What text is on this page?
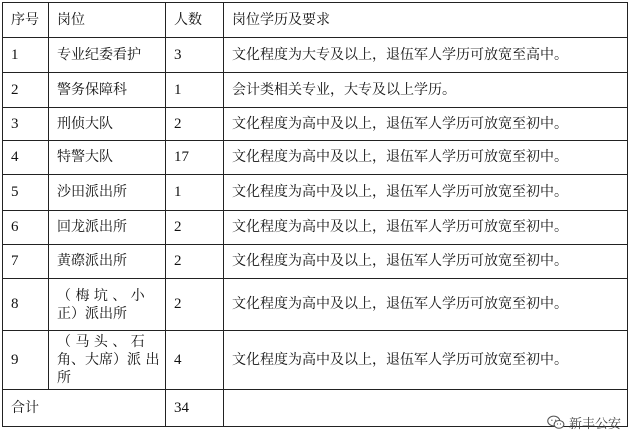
序号	岗位	人数	岗位学历及要求
1	专业纪委看护	3	文化程度为大专及以上，退伍军人学历可放宽至高中。
2	警务保障科	1	会计类相关专业，大专及以上学历。
3	刑侦大队	2	文化程度为高中及以上，退伍军人学历可放宽至初中。
4	特警大队	17	文化程度为高中及以上，退伍军人学历可放宽至初中。
5	沙田派出所	1	文化程度为高中及以上，退伍军人学历可放宽至初中。
6	回龙派出所	2	文化程度为高中及以上，退伍军人学历可放宽至初中。
7	黄磜派出所	2	文化程度为高中及以上，退伍军人学历可放宽至初中。
8	（ 梅 坑 、 小 正）派出所	2	文化程度为高中及以上，退伍军人学历可放宽至初中。
9	（ 马 头 、 石 角、大席）派 出所	4	文化程度为高中及以上，退伍军人学历可放宽至初中。
合计		34	
新丰公安
